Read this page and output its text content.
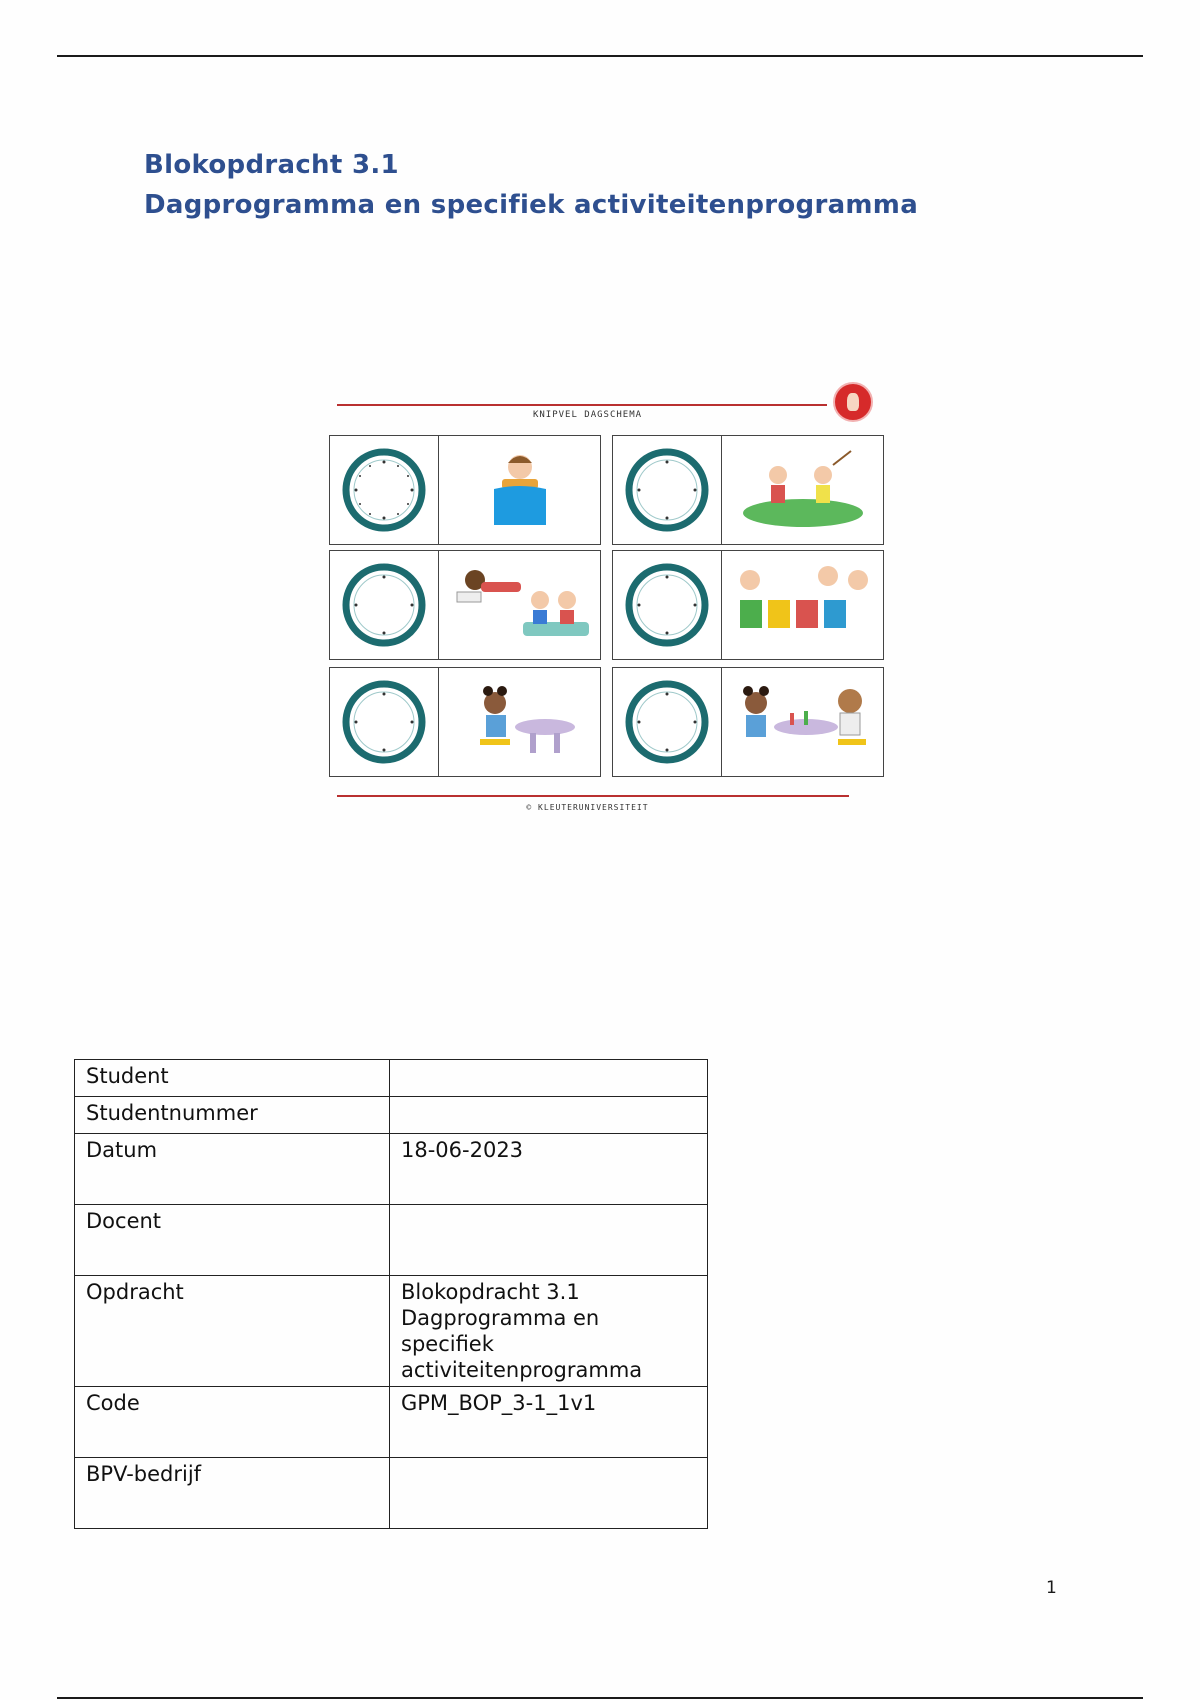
Blokopdracht 3.1
Dagprogramma en specifiek activiteitenprogramma
KNIPVEL DAGSCHEMA
© KLEUTERUNIVERSITEIT
Student	
Studentnummer	
Datum	18-06-2023
Docent	
Opdracht	Blokopdracht 3.1
Dagprogramma en
specifiek
activiteitenprogramma

Code	GPM_BOP_3-1_1v1
BPV-bedrijf	
1
